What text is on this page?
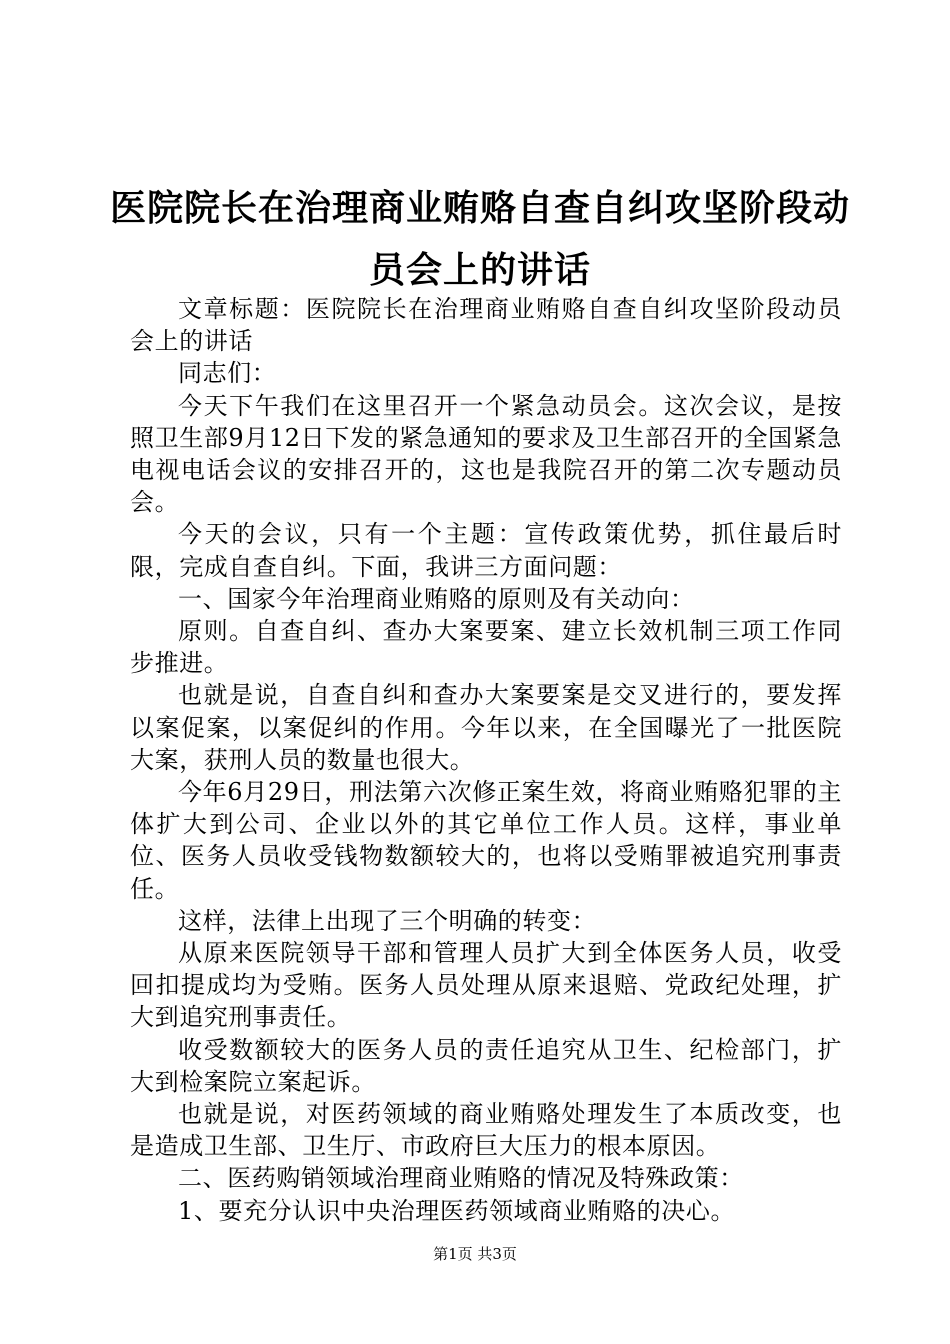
医院院长在治理商业贿赂自查自纠攻坚阶段动
员会上的讲话

文章标题：医院院长在治理商业贿赂自查自纠攻坚阶段动员会上的讲话

同志们：

今天下午我们在这里召开一个紧急动员会。这次会议，是按照卫生部9月12日下发的紧急通知的要求及卫生部召开的全国紧急电视电话会议的安排召开的，这也是我院召开的第二次专题动员会。

今天的会议，只有一个主题：宣传政策优势，抓住最后时限，完成自查自纠。下面，我讲三方面问题：

一、国家今年治理商业贿赂的原则及有关动向：

原则。自查自纠、查办大案要案、建立长效机制三项工作同步推进。

也就是说，自查自纠和查办大案要案是交叉进行的，要发挥以案促案，以案促纠的作用。今年以来，在全国曝光了一批医院大案，获刑人员的数量也很大。

今年6月29日，刑法第六次修正案生效，将商业贿赂犯罪的主体扩大到公司、企业以外的其它单位工作人员。这样，事业单位、医务人员收受钱物数额较大的，也将以受贿罪被追究刑事责任。

这样，法律上出现了三个明确的转变：

从原来医院领导干部和管理人员扩大到全体医务人员，收受回扣提成均为受贿。医务人员处理从原来退赔、党政纪处理，扩大到追究刑事责任。

收受数额较大的医务人员的责任追究从卫生、纪检部门，扩大到检案院立案起诉。

也就是说，对医药领域的商业贿赂处理发生了本质改变，也是造成卫生部、卫生厅、市政府巨大压力的根本原因。

二、医药购销领域治理商业贿赂的情况及特殊政策：

1、要充分认识中央治理医药领域商业贿赂的决心。

第1页 共3页
